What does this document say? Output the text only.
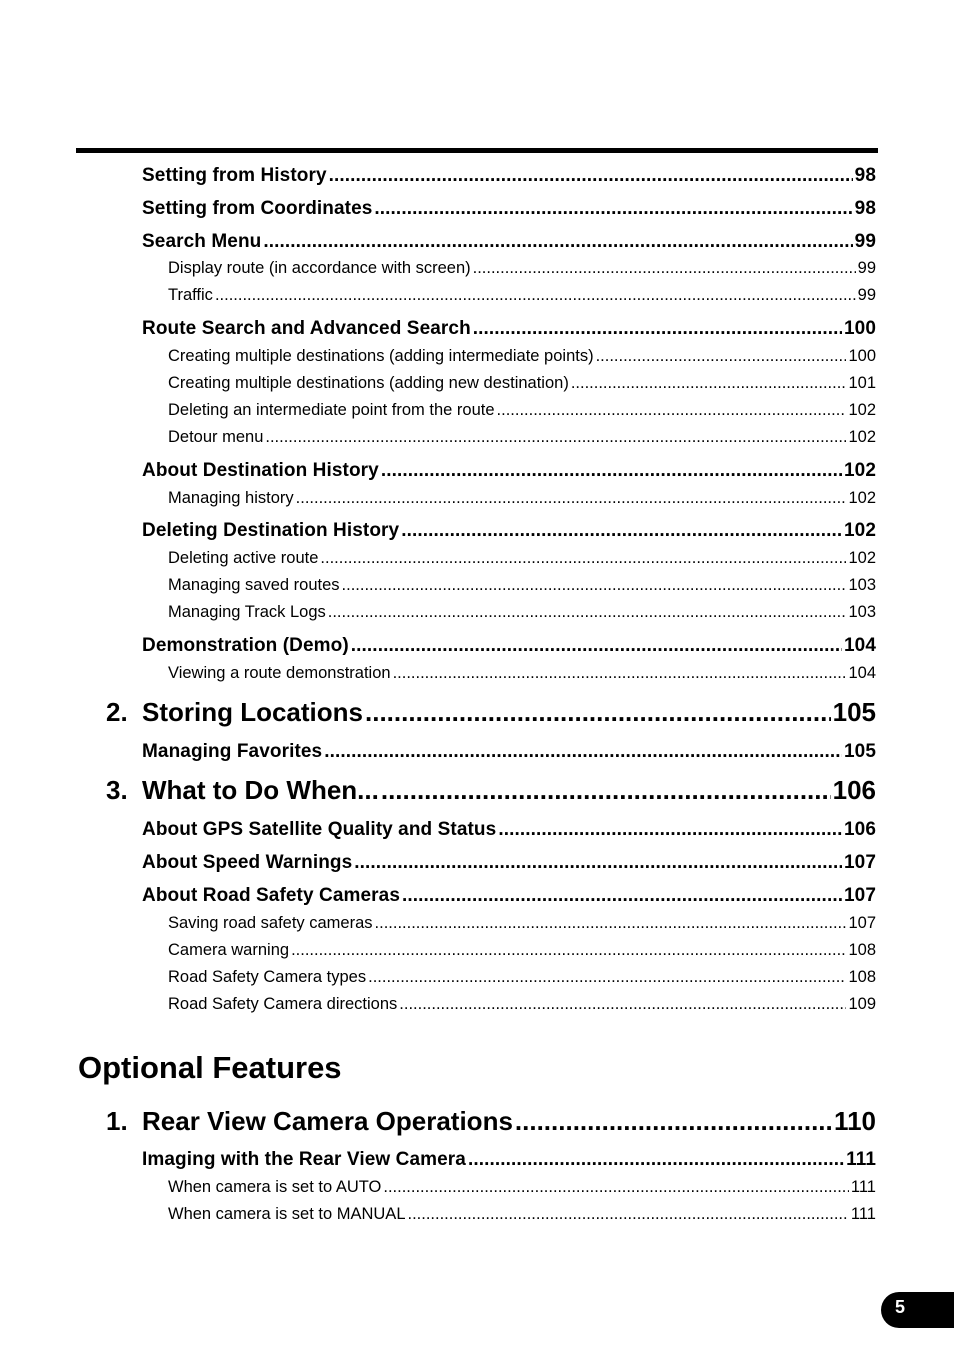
Setting from History .....	98
Setting from Coordinates .....	98
Search Menu .....	99
Display route (in accordance with screen) .....	99
Traffic .....	99
Route Search and Advanced Search .....	100
Creating multiple destinations (adding intermediate points) .....	100
Creating multiple destinations (adding new destination) .....	101
Deleting an intermediate point from the route .....	102
Detour menu .....	102
About Destination History .....	102
Managing history .....	102
Deleting Destination History .....	102
Deleting active route .....	102
Managing saved routes .....	103
Managing Track Logs .....	103
Demonstration (Demo) .....	104
Viewing a route demonstration .....	104
2. Storing Locations .....	105
Managing Favorites .....	105
3. What to Do When... .....	106
About GPS Satellite Quality and Status .....	106
About Speed Warnings .....	107
About Road Safety Cameras .....	107
Saving road safety cameras .....	107
Camera warning .....	108
Road Safety Camera types .....	108
Road Safety Camera directions .....	109
Optional Features
1. Rear View Camera Operations .....	110
Imaging with the Rear View Camera .....	111
When camera is set to AUTO .....	111
When camera is set to MANUAL .....	111
5
